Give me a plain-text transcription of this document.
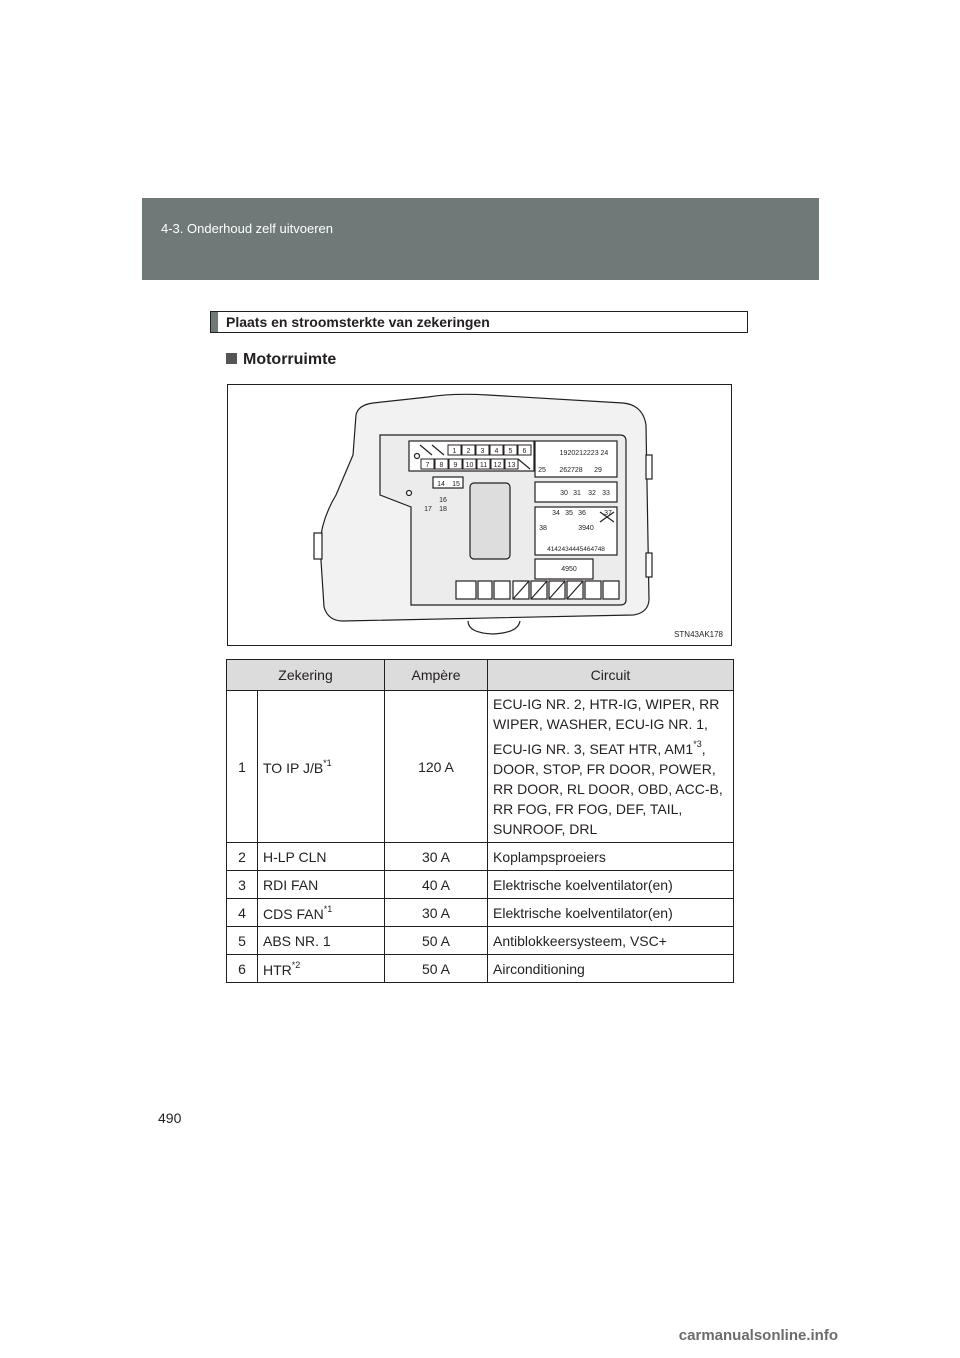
4-3. Onderhoud zelf uitvoeren
Plaats en stroomsterkte van zekeringen
Motorruimte
1 2 3 4 5 6
7 8 9 10 11 12 13
14 15
16
17 18
1920212223 24
25 262728 29
30 31 32 33
34 35 36	37
38	3940
4142434445464748
4950
STN43AK178
Zekering		Ampère	Circuit
1	TO IP $J/B^{*1}$	120 A	ECU-IG NR. 2, HTR-IG, WIPER, RR WIPER, WASHER, ECU-IG NR. 1, ECU-IG NR. 3, SEAT HTR, AM1$^{*3}$, DOOR, STOP, FR DOOR, POWER, RR DOOR, RL DOOR, OBD, ACC-B, RR FOG, FR FOG, DEF, TAIL, SUNROOF, DRL
2	H-LP CLN	30 A	Koplampsproeiers
3	RDI FAN	40 A	Elektrische koelventilator(en)
4	CDS FAN$^{*1}$	30 A	Elektrische koelventilator(en)
5	ABS NR. 1	50 A	Antiblokkeersysteem, VSC+
6	HTR$^{*2}$	50 A	Airconditioning
490
carmanualsonline.info
